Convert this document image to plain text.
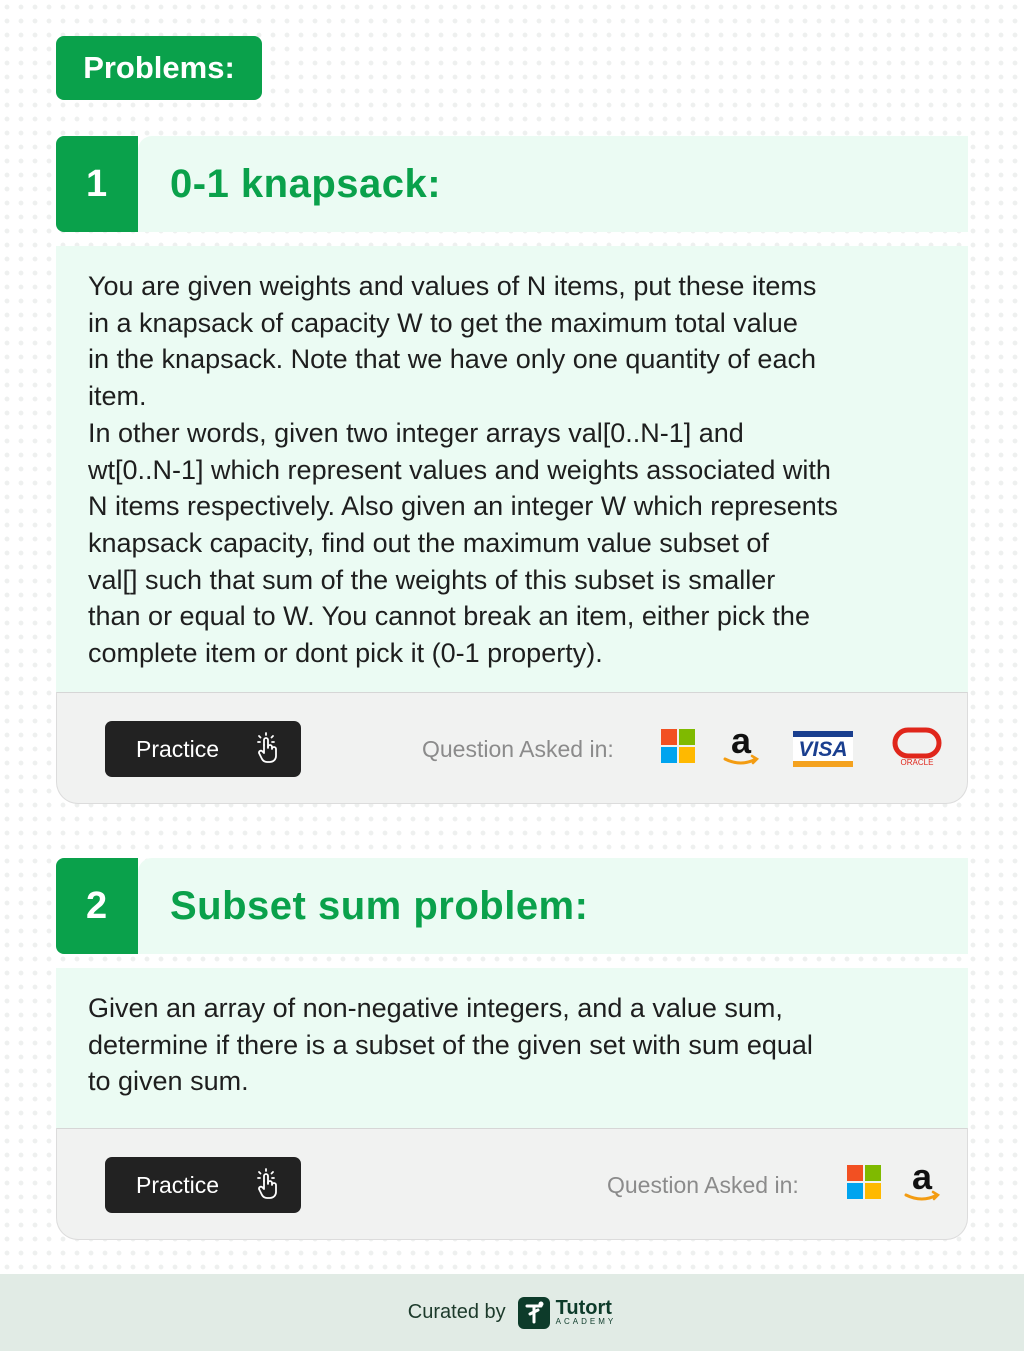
Problems:
1	0-1 knapsack:
You are given weights and values of N items, put these items
in a knapsack of capacity W to get the maximum total value
in the knapsack. Note that we have only one quantity of each
item.
In other words, given two integer arrays val[0..N-1] and
wt[0..N-1] which represent values and weights associated with
N items respectively. Also given an integer W which represents
knapsack capacity, find out the maximum value subset of
val[] such that sum of the weights of this subset is smaller
than or equal to W. You cannot break an item, either pick the
complete item or dont pick it (0-1 property).
Practice	Question Asked in:	a VISA
ORACLE
2	Subset sum problem:
Given an array of non-negative integers, and a value sum,
determine if there is a subset of the given set with sum equal
to given sum.
Practice	Question Asked in:	a
Curated by	Tutort
ACADEMY
